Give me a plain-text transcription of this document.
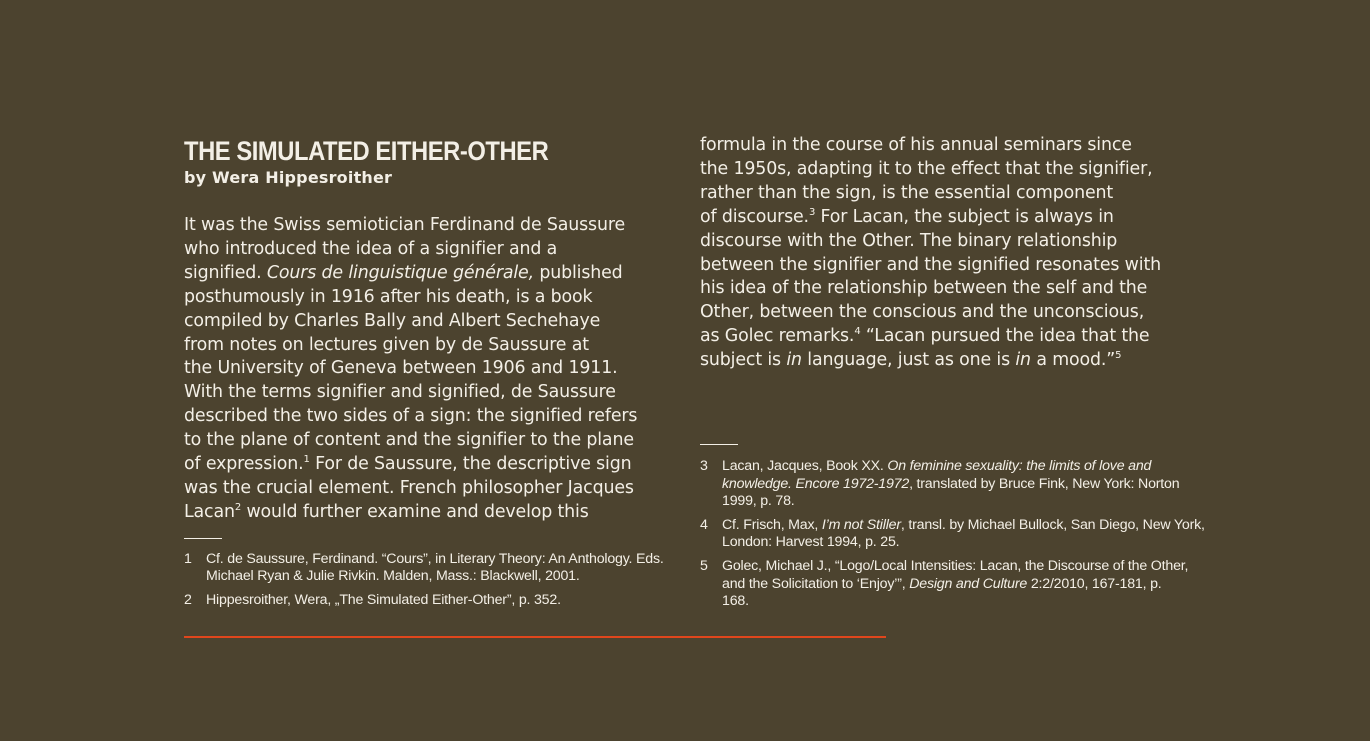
THE SIMULATED EITHER-OTHER

by Wera Hippesroither

It was the Swiss semiotician Ferdinand de Saussure
who introduced the idea of a signifier and a
signified. Cours de linguistique générale, published
posthumously in 1916 after his death, is a book
compiled by Charles Bally and Albert Sechehaye
from notes on lectures given by de Saussure at
the University of Geneva between 1906 and 1911.
With the terms signifier and signified, de Saussure
described the two sides of a sign: the signified refers
to the plane of content and the signifier to the plane
of expression.$^1$ For de Saussure, the descriptive sign
was the crucial element. French philosopher Jacques
Lacan$^2$ would further examine and develop this

1	Cf. de Saussure, Ferdinand. “Cours”, in Literary Theory: An Anthology. Eds.
Michael Ryan & Julie Rivkin. Malden, Mass.: Blackwell, 2001.
2	Hippesroither, Wera, „The Simulated Either-Other”, p. 352.

formula in the course of his annual seminars since
the 1950s, adapting it to the effect that the signifier,
rather than the sign, is the essential component
of discourse.$^3$ For Lacan, the subject is always in
discourse with the Other. The binary relationship
between the signifier and the signified resonates with
his idea of the relationship between the self and the
Other, between the conscious and the unconscious,
as Golec remarks.$^4$ “Lacan pursued the idea that the
subject is in language, just as one is in a mood.”$^5$

3	Lacan, Jacques, Book XX. On feminine sexuality: the limits of love and
knowledge. Encore 1972-1972, translated by Bruce Fink, New York: Norton
1999, p. 78.
4	Cf. Frisch, Max, I’m not Stiller, transl. by Michael Bullock, San Diego, New York,
London: Harvest 1994, p. 25.
5	Golec, Michael J., “Logo/Local Intensities: Lacan, the Discourse of the Other,
and the Solicitation to ‘Enjoy’”, Design and Culture 2:2/2010, 167-181, p.
168.
